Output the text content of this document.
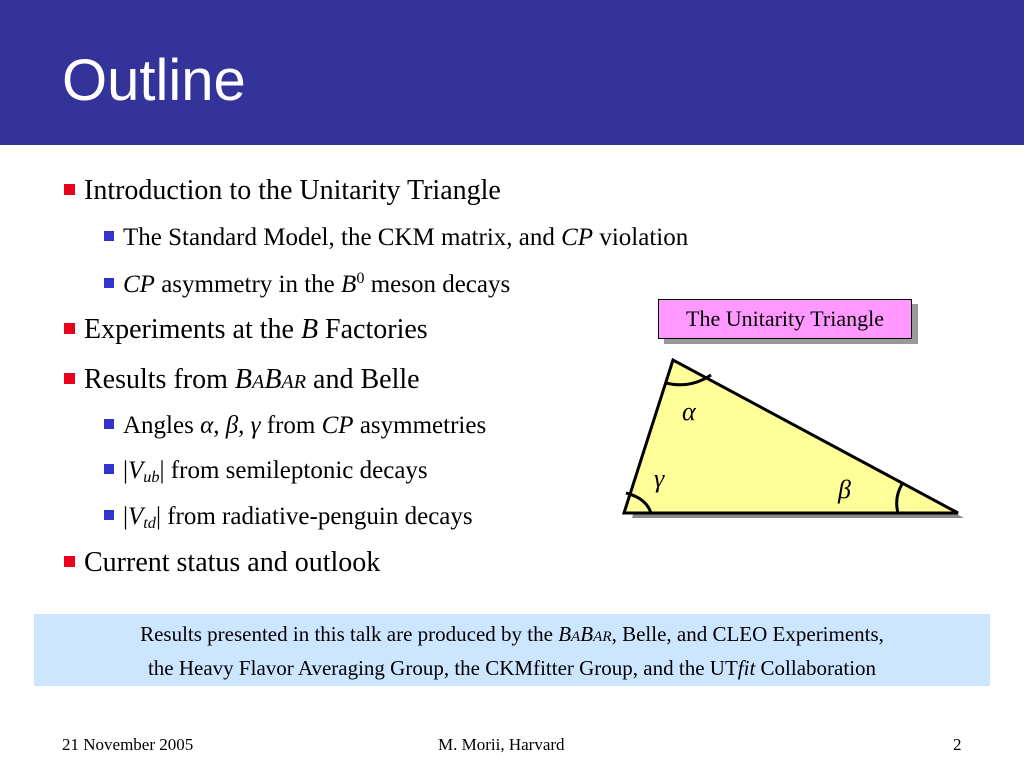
Outline
Introduction to the Unitarity Triangle
The Standard Model, the CKM matrix, and CP violation
CP asymmetry in the $B^0$ meson decays
Experiments at the B Factories
Results from BABAR and Belle
Angles α, β, γ from CP asymmetries
$|V_{ub}|$ from semileptonic decays
$|V_{td}|$ from radiative-penguin decays
Current status and outlook
The Unitarity Triangle
α
γ	β
Results presented in this talk are produced by the BABAR, Belle, and CLEO Experiments,
the Heavy Flavor Averaging Group, the CKMfitter Group, and the UTfit Collaboration
21 November 2005	M. Morii, Harvard	2
